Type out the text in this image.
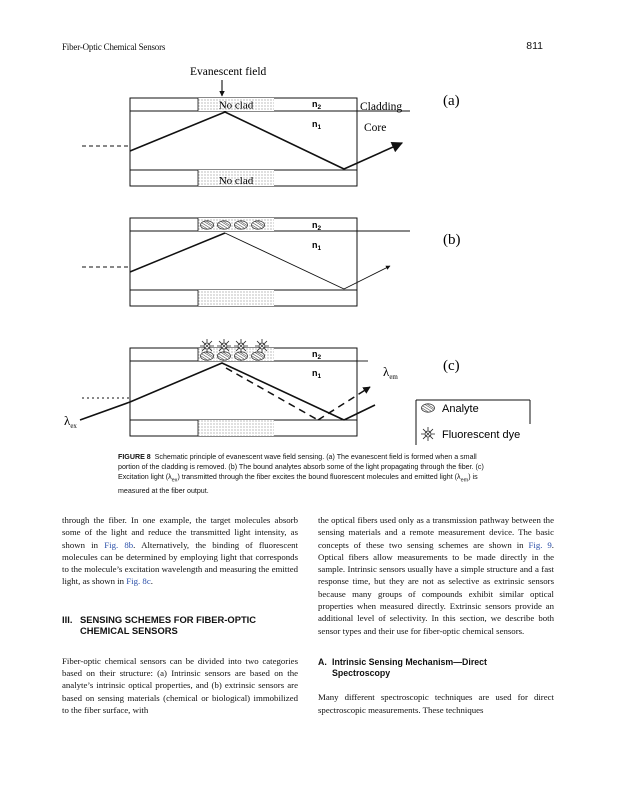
Fiber-Optic Chemical Sensors	811
Evanescent field
No clad
No clad
$n_2$
$n_1$
Cladding
Core
(a)
$n_2$
$n_1$
(b)
$n_2$
$n_1$
(c)
$\lambda_{em}$
$\lambda_{ex}$
Analyte
Fluorescent dye
FIGURE 8 Schematic principle of evanescent wave field sensing. (a) The evanescent field is formed when a small
portion of the cladding is removed. (b) The bound analytes absorb some of the light propagating through the fiber. (c)
Excitation light $(\lambda_{ex})$ transmitted through the fiber excites the bound fluorescent molecules and emitted light $(\lambda_{em})$ is
measured at the fiber output.

through the fiber. In one example, the target molecules absorb some of the light and reduce the transmitted light intensity, as shown in Fig. 8b. Alternatively, the binding of fluorescent molecules can be determined by employing light that corresponds to the molecule’s excitation wavelength and measuring the emitted light, as shown in Fig. 8c.

III. SENSING SCHEMES FOR FIBER-OPTIC
CHEMICAL SENSORS

Fiber-optic chemical sensors can be divided into two categories based on their structure: (a) Intrinsic sensors are based on the analyte’s intrinsic optical properties, and (b) extrinsic sensors are based on sensing materials (chemical or biological) immobilized to the fiber surface, with

the optical fibers used only as a transmission pathway between the sensing materials and a remote measurement device. The basic concepts of these two sensing schemes are shown in Fig. 9. Optical fibers allow measurements to be made directly in the sample. Intrinsic sensors usually have a simple structure and a fast response time, but they are not as selective as extrinsic sensors because many groups of compounds exhibit similar optical properties when measured directly. Extrinsic sensors provide an additional level of selectivity. In this section, we describe both sensor types and their use for fiber-optic chemical sensors.

A. Intrinsic Sensing Mechanism—Direct
Spectroscopy

Many different spectroscopic techniques are used for direct spectroscopic measurements. These techniques
